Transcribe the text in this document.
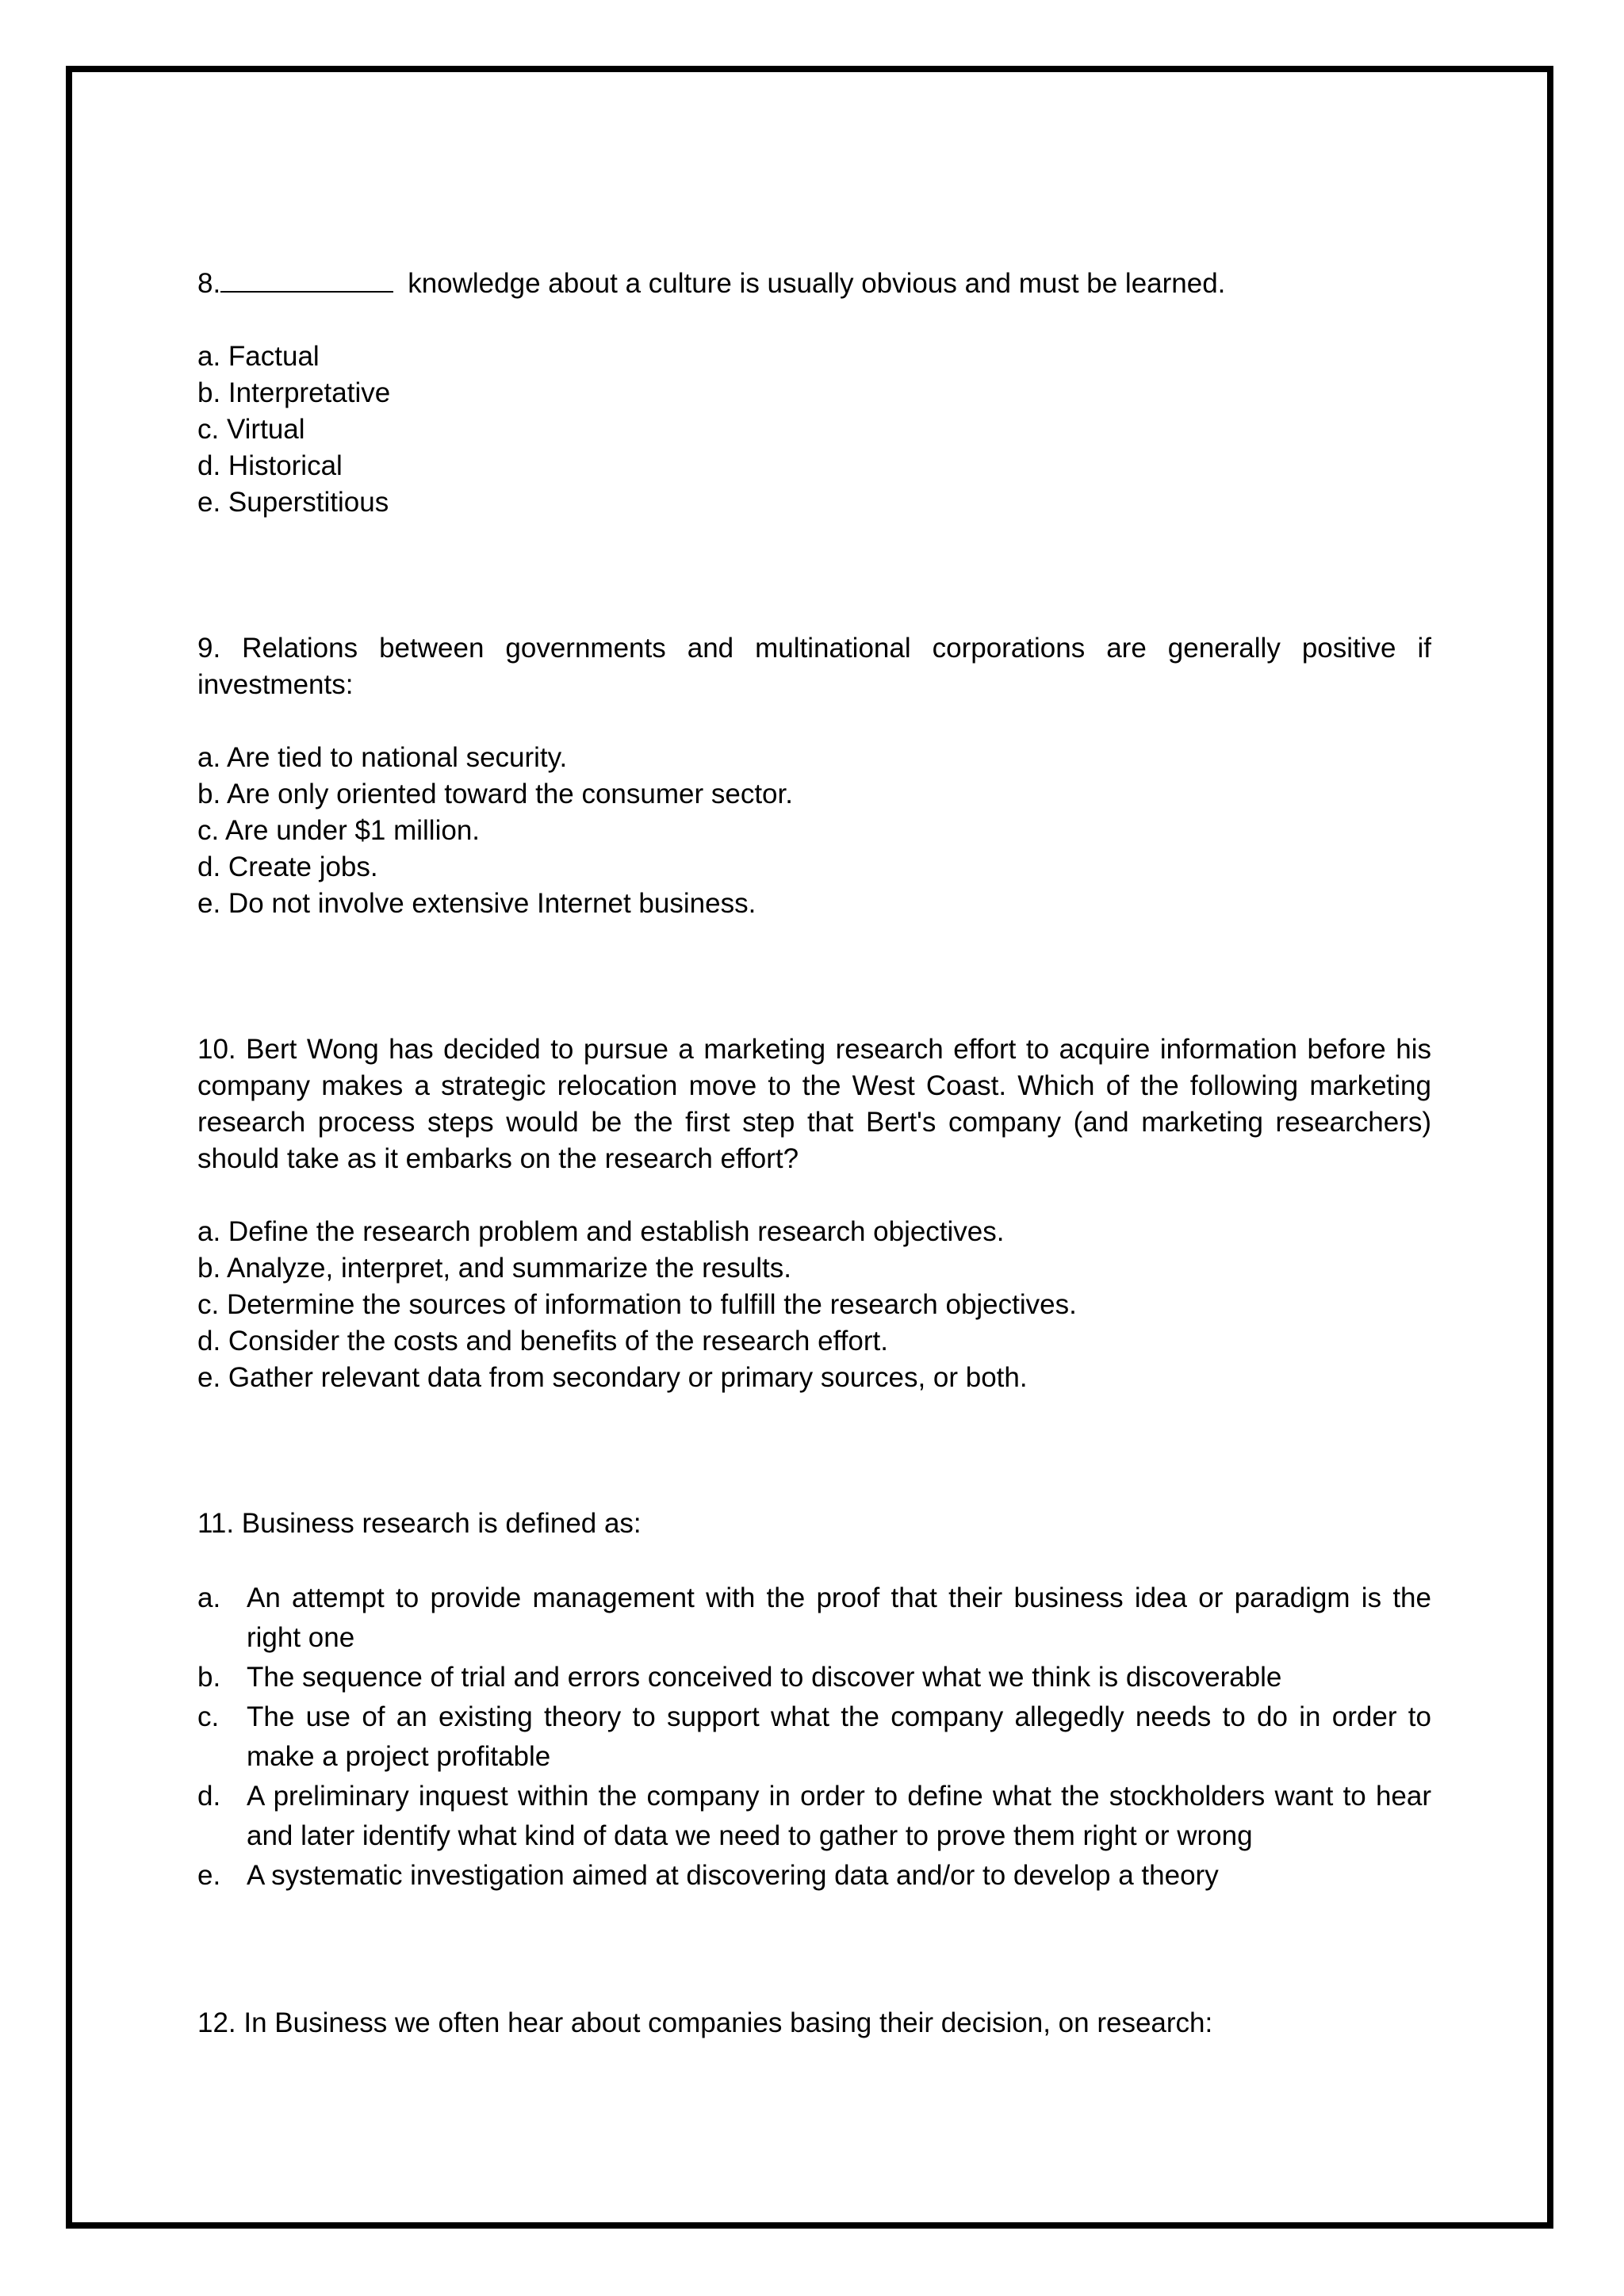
8.	knowledge about a culture is usually obvious and must be learned.

a. Factual
b. Interpretative
c. Virtual
d. Historical
e. Superstitious

9. Relations between governments and multinational corporations are generally positive if investments:

a. Are tied to national security.
b. Are only oriented toward the consumer sector.
c. Are under $1 million.
d. Create jobs.
e. Do not involve extensive Internet business.

10. Bert Wong has decided to pursue a marketing research effort to acquire information before his company makes a strategic relocation move to the West Coast. Which of the following marketing research process steps would be the first step that Bert's company (and marketing researchers) should take as it embarks on the research effort?

a. Define the research problem and establish research objectives.
b. Analyze, interpret, and summarize the results.
c. Determine the sources of information to fulfill the research objectives.
d. Consider the costs and benefits of the research effort.
e. Gather relevant data from secondary or primary sources, or both.

11. Business research is defined as:

a. An attempt to provide management with the proof that their business idea or paradigm is the right one
b. The sequence of trial and errors conceived to discover what we think is discoverable
c. The use of an existing theory to support what the company allegedly needs to do in order to make a project profitable
d. A preliminary inquest within the company in order to define what the stockholders want to hear and later identify what kind of data we need to gather to prove them right or wrong
e. A systematic investigation aimed at discovering data and/or to develop a theory

12. In Business we often hear about companies basing their decision, on research:
